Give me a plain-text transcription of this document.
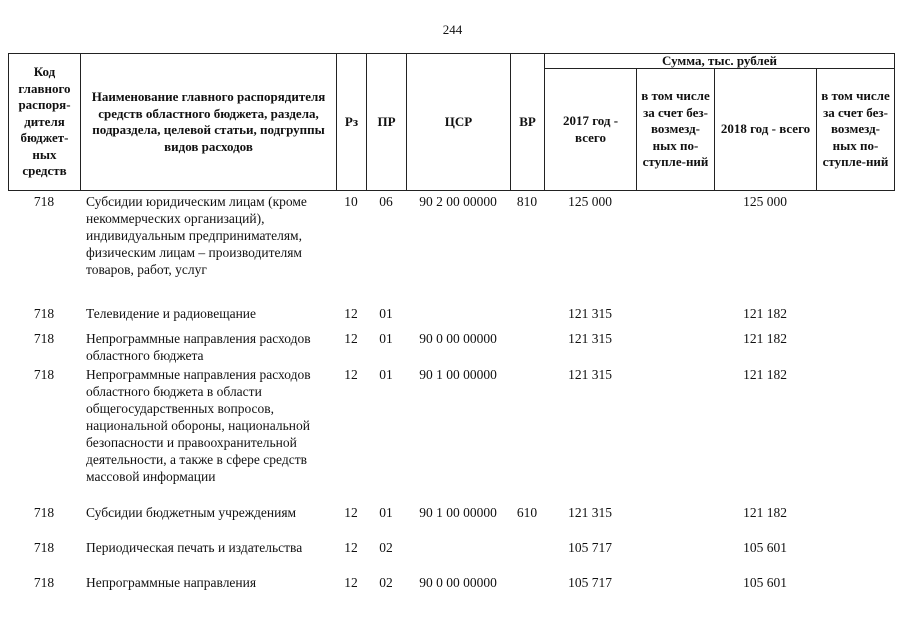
244
Код главного распоря-дителя бюджет-ных средств	Наименование главного распорядителя средств областного бюджета, раздела, подраздела, целевой статьи, подгруппы видов расходов	Рз	ПР	ЦСР	ВР	Сумма, тыс. рублей			
						2017 год - всего	в том числе за счет без-возмезд-ных по-ступле-ний	2018 год - всего	в том числе за счет без-возмезд-ных по-ступле-ний
718	Субсидии юридическим лицам (кроме некоммерческих организаций), индивидуальным предпринимателям, физическим лицам – производителям товаров, работ, услуг	10	06	90 2 00 00000	810	125 000		125 000	
718	Телевидение и радиовещание	12	01			121 315		121 182	
718	Непрограммные направления расходов областного бюджета	12	01	90 0 00 00000		121 315		121 182	
718	Непрограммные направления расходов областного бюджета в области общегосударственных вопросов, национальной обороны, национальной безопасности и правоохранительной деятельности, а также в сфере средств массовой информации	12	01	90 1 00 00000		121 315		121 182	
718	Субсидии бюджетным учреждениям	12	01	90 1 00 00000	610	121 315		121 182	
718	Периодическая печать и издательства	12	02			105 717		105 601	
718	Непрограммные направления	12	02	90 0 00 00000		105 717		105 601	
